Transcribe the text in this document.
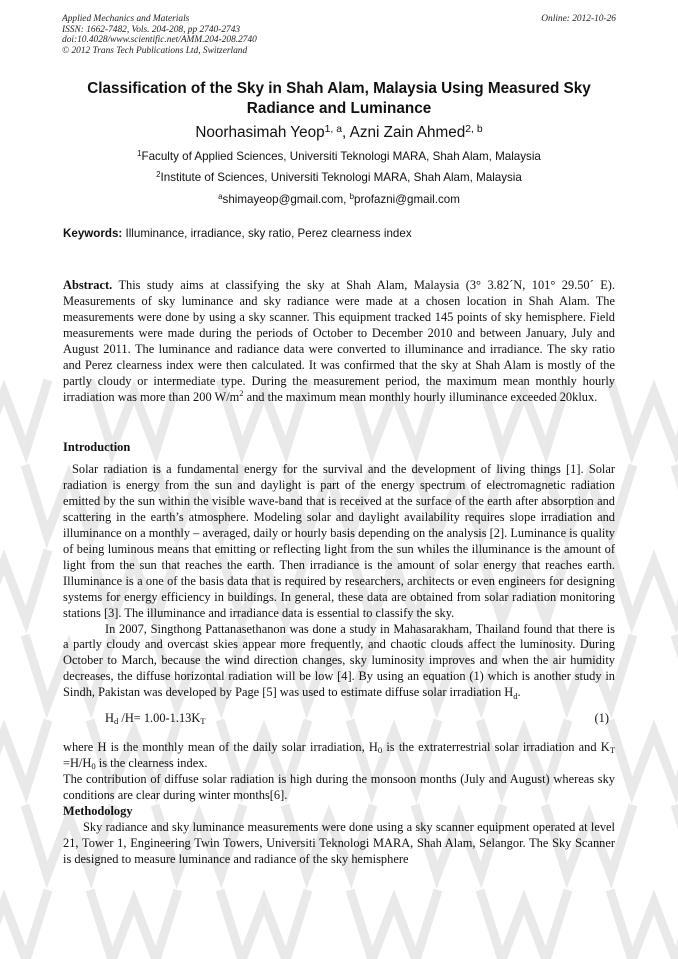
Applied Mechanics and Materials
ISSN: 1662-7482, Vols. 204-208, pp 2740-2743
doi:10.4028/www.scientific.net/AMM.204-208.2740
© 2012 Trans Tech Publications Ltd, Switzerland
Online: 2012-10-26
Classification of the Sky in Shah Alam, Malaysia Using Measured Sky Radiance and Luminance
Noorhasimah Yeop$^{1, a}$, Azni Zain Ahmed$^{2, b}$
$^1$Faculty of Applied Sciences, Universiti Teknologi MARA, Shah Alam, Malaysia
$^2$Institute of Sciences, Universiti Teknologi MARA, Shah Alam, Malaysia
$^a$shimayeop@gmail.com, $^b$profazni@gmail.com
Keywords: Illuminance, irradiance, sky ratio, Perez clearness index

Abstract. This study aims at classifying the sky at Shah Alam, Malaysia (3° 3.82´N, 101° 29.50´ E). Measurements of sky luminance and sky radiance were made at a chosen location in Shah Alam. The measurements were done by using a sky scanner. This equipment tracked 145 points of sky hemisphere. Field measurements were made during the periods of October to December 2010 and between January, July and August 2011. The luminance and radiance data were converted to illuminance and irradiance. The sky ratio and Perez clearness index were then calculated. It was confirmed that the sky at Shah Alam is mostly of the partly cloudy or intermediate type. During the measurement period, the maximum mean monthly hourly irradiation was more than 200 $W/m^2$ and the maximum mean monthly hourly illuminance exceeded 20klux.

Introduction

Solar radiation is a fundamental energy for the survival and the development of living things [1]. Solar radiation is energy from the sun and daylight is part of the energy spectrum of electromagnetic radiation emitted by the sun within the visible wave-band that is received at the surface of the earth after absorption and scattering in the earth’s atmosphere. Modeling solar and daylight availability requires slope irradiation and illuminance on a monthly – averaged, daily or hourly basis depending on the analysis [2]. Luminance is quality of being luminous means that emitting or reflecting light from the sun whiles the illuminance is the amount of light from the sun that reaches the earth. Then irradiance is the amount of solar energy that reaches earth. Illuminance is a one of the basis data that is required by researchers, architects or even engineers for designing systems for energy efficiency in buildings. In general, these data are obtained from solar radiation monitoring stations [3]. The illuminance and irradiance data is essential to classify the sky.

In 2007, Singthong Pattanasethanon was done a study in Mahasarakham, Thailand found that there is a partly cloudy and overcast skies appear more frequently, and chaotic clouds affect the luminosity. During October to March, because the wind direction changes, sky luminosity improves and when the air humidity decreases, the diffuse horizontal radiation will be low [4]. By using an equation (1) which is another study in Sindh, Pakistan was developed by Page [5] was used to estimate diffuse solar irradiation $H_d$.

$H_d$ $/H= 1.00-1.13K_T$	(1)

where H is the monthly mean of the daily solar irradiation, $H_0$ is the extraterrestrial solar irradiation and $K_T =H/H_0$ is the clearness index.

The contribution of diffuse solar radiation is high during the monsoon months (July and August) whereas sky conditions are clear during winter months[6].

Methodology

Sky radiance and sky luminance measurements were done using a sky scanner equipment operated at level 21, Tower 1, Engineering Twin Towers, Universiti Teknologi MARA, Shah Alam, Selangor. The Sky Scanner is designed to measure luminance and radiance of the sky hemisphere
